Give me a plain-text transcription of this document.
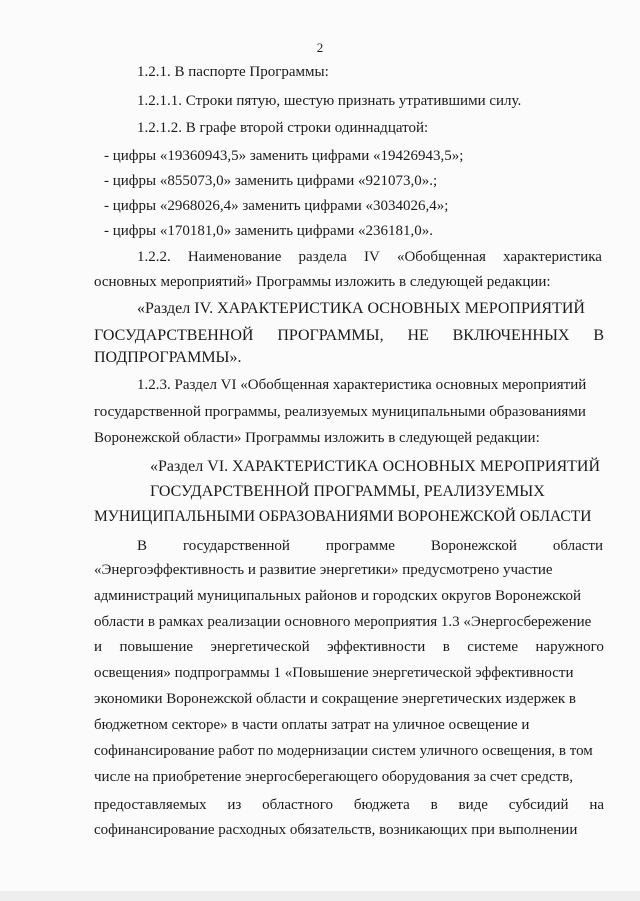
2
1.2.1. В паспорте Программы:
1.2.1.1. Строки пятую, шестую признать утратившими силу.
1.2.1.2. В графе второй строки одиннадцатой:
- цифры «19360943,5» заменить цифрами «19426943,5»;
- цифры «855073,0» заменить цифрами «921073,0».;
- цифры «2968026,4» заменить цифрами «3034026,4»;
- цифры «170181,0» заменить цифрами «236181,0».
1.2.2. Наименование раздела IV «Обобщенная характеристика
основных мероприятий» Программы изложить в следующей редакции:
«Раздел IV. ХАРАКТЕРИСТИКА ОСНОВНЫХ МЕРОПРИЯТИЙ
ГОСУДАРСТВЕННОЙ ПРОГРАММЫ, НЕ ВКЛЮЧЕННЫХ В
ПОДПРОГРАММЫ».
1.2.3. Раздел VI «Обобщенная характеристика основных мероприятий
государственной программы, реализуемых муниципальными образованиями
Воронежской области» Программы изложить в следующей редакции:
«Раздел VI. ХАРАКТЕРИСТИКА ОСНОВНЫХ МЕРОПРИЯТИЙ
ГОСУДАРСТВЕННОЙ ПРОГРАММЫ, РЕАЛИЗУЕМЫХ
МУНИЦИПАЛЬНЫМИ ОБРАЗОВАНИЯМИ ВОРОНЕЖСКОЙ ОБЛАСТИ
В государственной программе Воронежской области
«Энергоэффективность и развитие энергетики» предусмотрено участие
администраций муниципальных районов и городских округов Воронежской
области в рамках реализации основного мероприятия 1.3 «Энергосбережение
и повышение энергетической эффективности в системе наружного
освещения» подпрограммы 1 «Повышение энергетической эффективности
экономики Воронежской области и сокращение энергетических издержек в
бюджетном секторе» в части оплаты затрат на уличное освещение и
софинансирование работ по модернизации систем уличного освещения, в том
числе на приобретение энергосберегающего оборудования за счет средств,
предоставляемых из областного бюджета в виде субсидий на
софинансирование расходных обязательств, возникающих при выполнении
